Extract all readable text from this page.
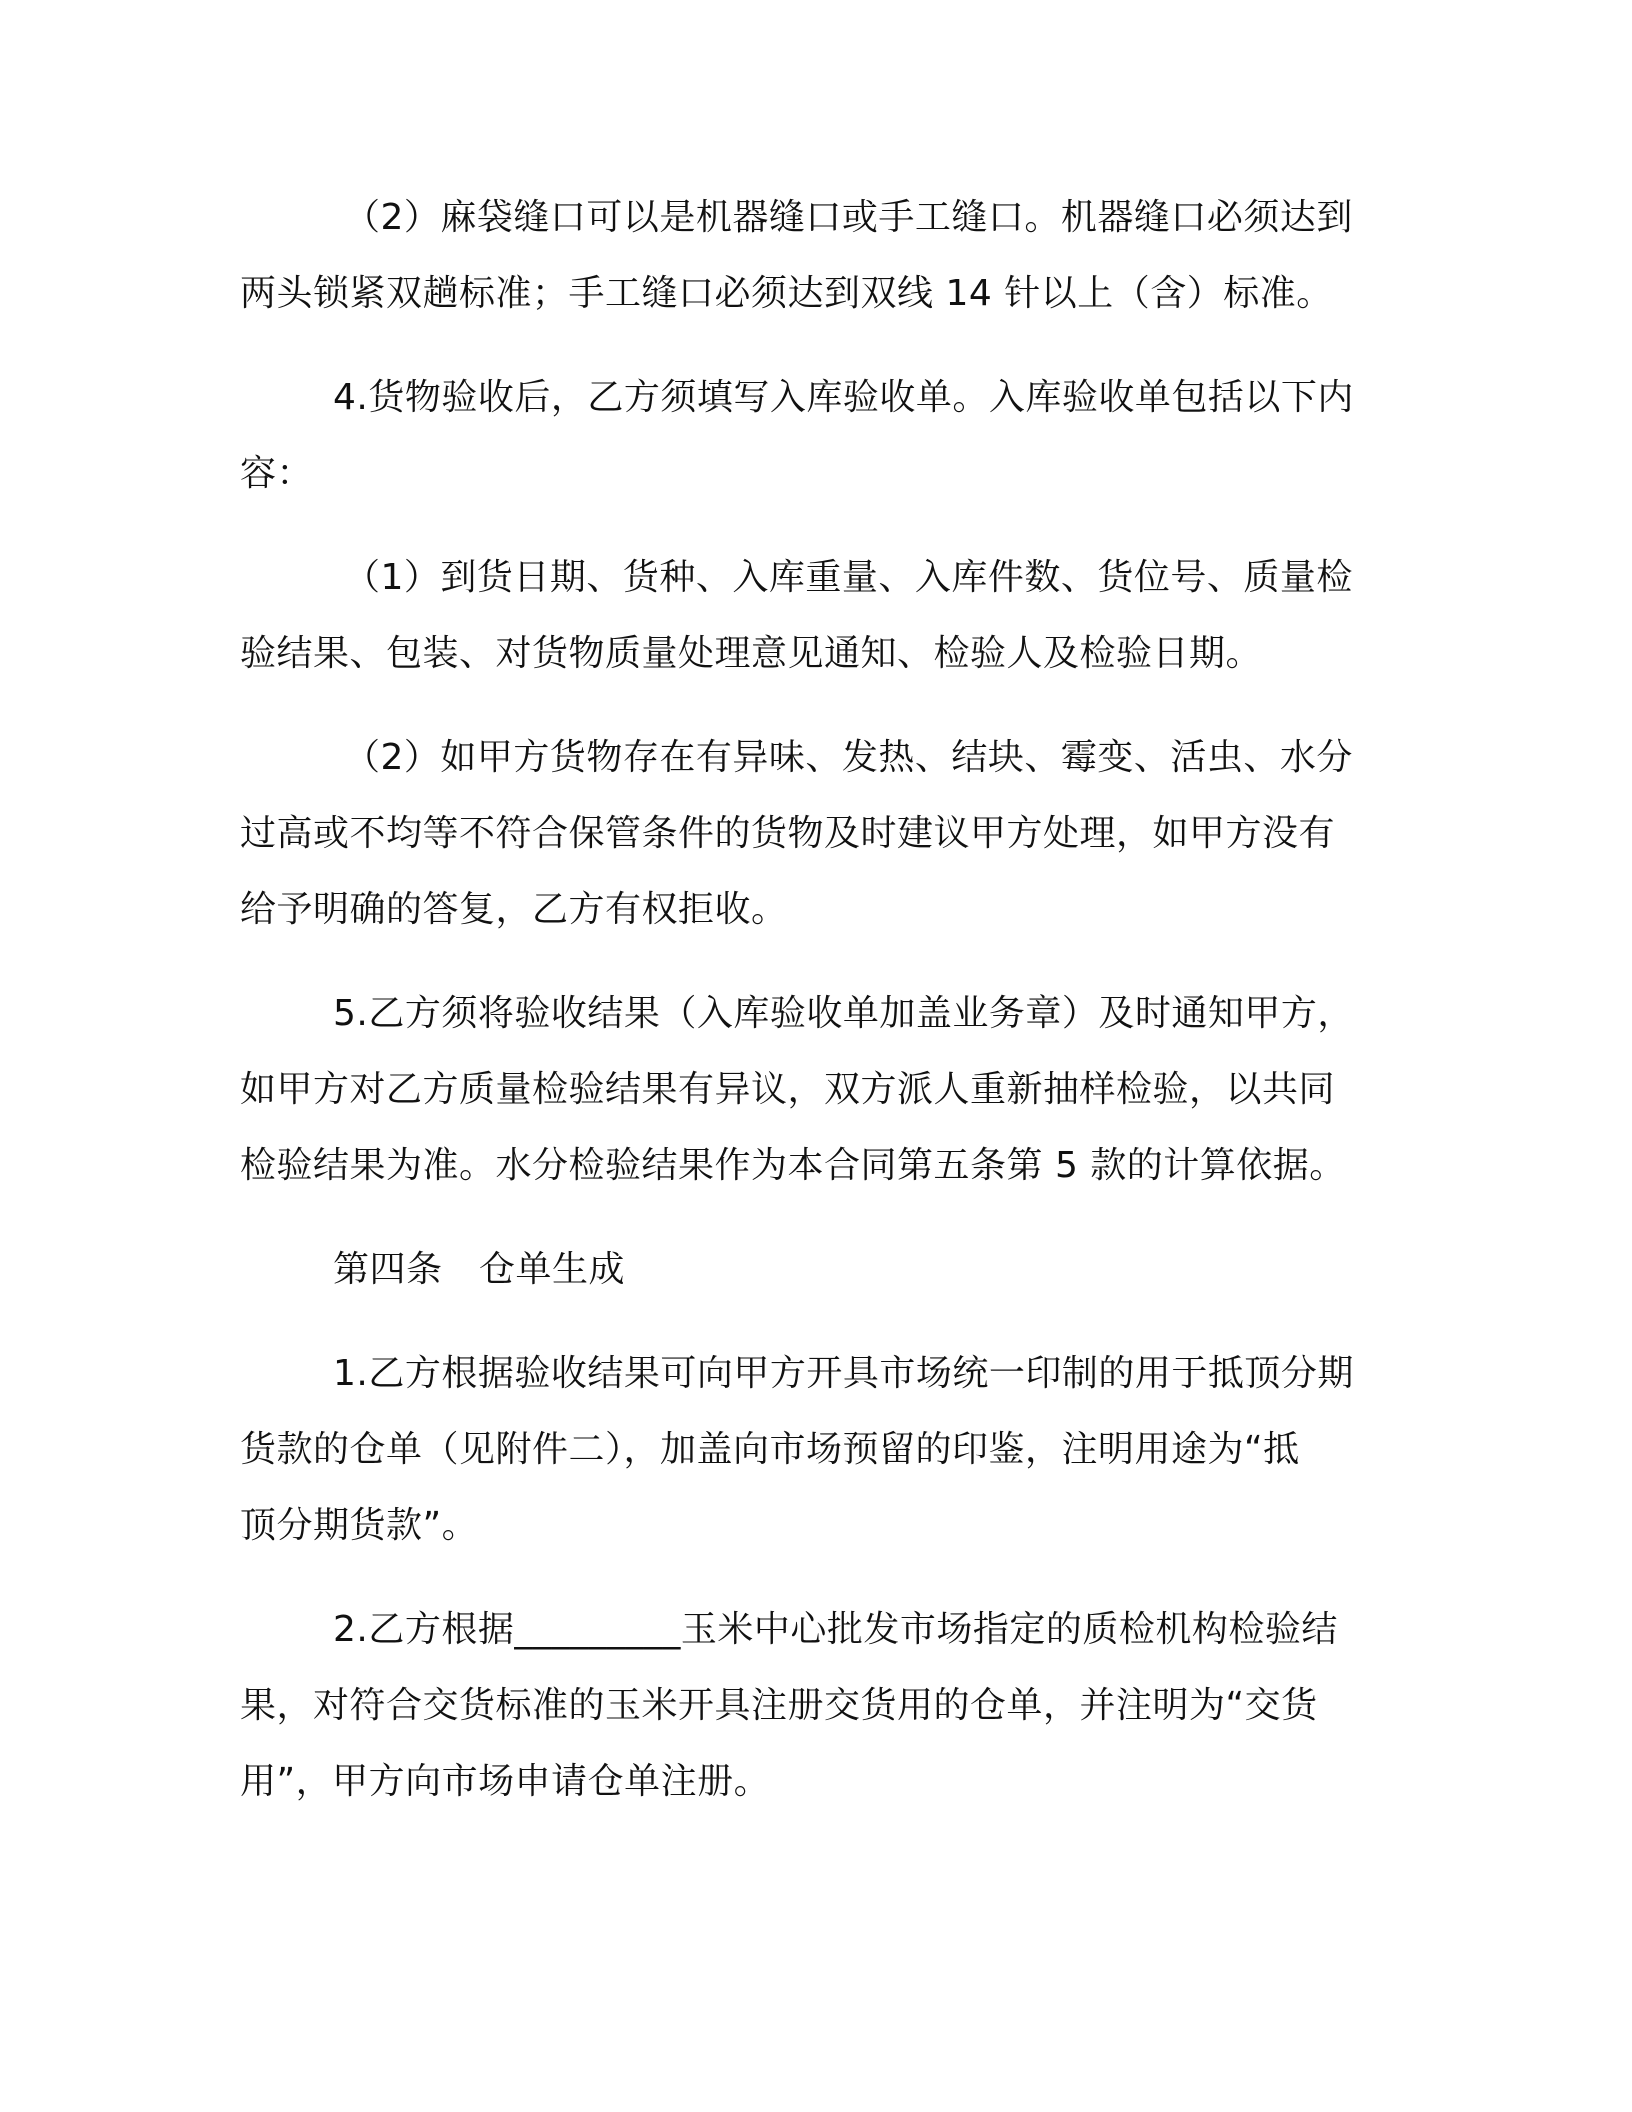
（2）麻袋缝口可以是机器缝口或手工缝口。机器缝口必须达到
两头锁紧双趟标准；手工缝口必须达到双线 14 针以上（含）标准。
4.货物验收后，乙方须填写入库验收单。入库验收单包括以下内
容：
（1）到货日期、货种、入库重量、入库件数、货位号、质量检
验结果、包装、对货物质量处理意见通知、检验人及检验日期。
（2）如甲方货物存在有异味、发热、结块、霉变、活虫、水分
过高或不均等不符合保管条件的货物及时建议甲方处理，如甲方没有
给予明确的答复，乙方有权拒收。
5.乙方须将验收结果（入库验收单加盖业务章）及时通知甲方，
如甲方对乙方质量检验结果有异议，双方派人重新抽样检验，以共同
检验结果为准。水分检验结果作为本合同第五条第 5 款的计算依据。
第四条　仓单生成
1.乙方根据验收结果可向甲方开具市场统一印制的用于抵顶分期
货款的仓单（见附件二），加盖向市场预留的印鉴，注明用途为“抵
顶分期货款”。
2.乙方根据_________玉米中心批发市场指定的质检机构检验结
果，对符合交货标准的玉米开具注册交货用的仓单，并注明为“交货
用”，甲方向市场申请仓单注册。
